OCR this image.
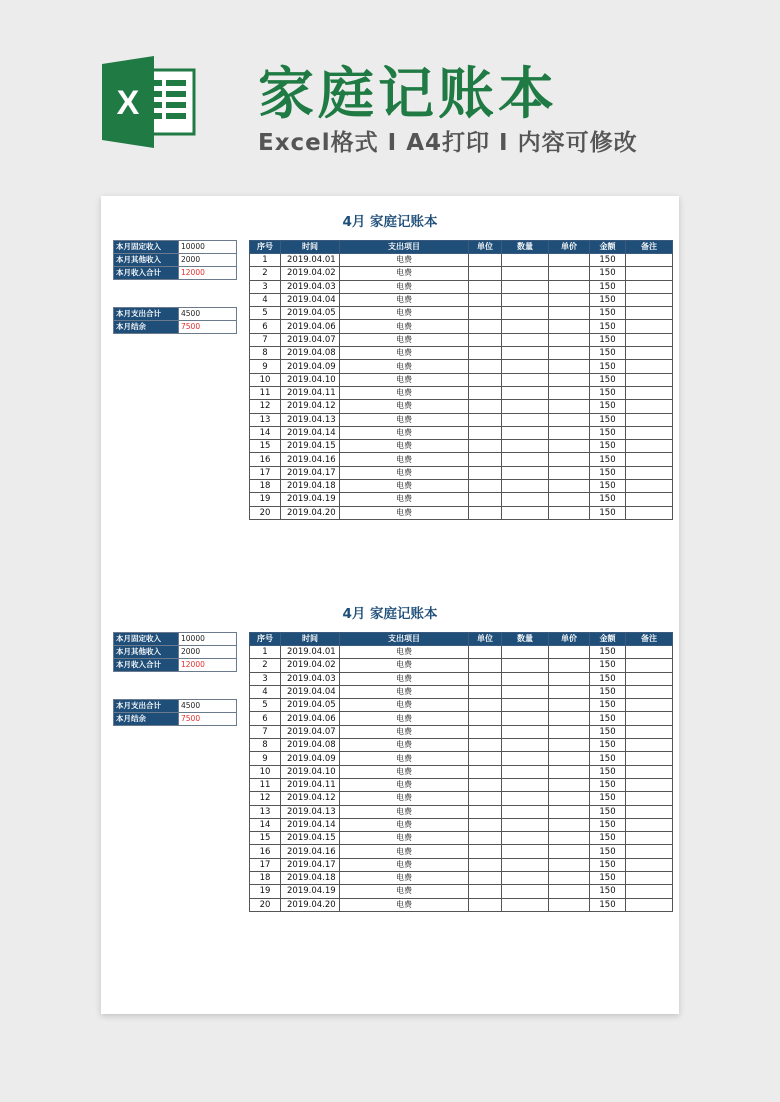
X 家庭记账本
Excel格式 I A4打印 I 内容可修改
4月 家庭记账本
本月固定收入	10000
本月其他收入	2000
本月收入合计	12000
本月支出合计	4500
本月结余	7500
序号	时间	支出项目	单位	数量	单价	金额	备注
1	2019.04.01	电费				150	
2	2019.04.02	电费				150	
3	2019.04.03	电费				150	
4	2019.04.04	电费				150	
5	2019.04.05	电费				150	
6	2019.04.06	电费				150	
7	2019.04.07	电费				150	
8	2019.04.08	电费				150	
9	2019.04.09	电费				150	
10	2019.04.10	电费				150	
11	2019.04.11	电费				150	
12	2019.04.12	电费				150	
13	2019.04.13	电费				150	
14	2019.04.14	电费				150	
15	2019.04.15	电费				150	
16	2019.04.16	电费				150	
17	2019.04.17	电费				150	
18	2019.04.18	电费				150	
19	2019.04.19	电费				150	
20	2019.04.20	电费				150	
4月 家庭记账本
本月固定收入	10000
本月其他收入	2000
本月收入合计	12000
本月支出合计	4500
本月结余	7500
序号	时间	支出项目	单位	数量	单价	金额	备注
1	2019.04.01	电费				150	
2	2019.04.02	电费				150	
3	2019.04.03	电费				150	
4	2019.04.04	电费				150	
5	2019.04.05	电费				150	
6	2019.04.06	电费				150	
7	2019.04.07	电费				150	
8	2019.04.08	电费				150	
9	2019.04.09	电费				150	
10	2019.04.10	电费				150	
11	2019.04.11	电费				150	
12	2019.04.12	电费				150	
13	2019.04.13	电费				150	
14	2019.04.14	电费				150	
15	2019.04.15	电费				150	
16	2019.04.16	电费				150	
17	2019.04.17	电费				150	
18	2019.04.18	电费				150	
19	2019.04.19	电费				150	
20	2019.04.20	电费				150	
